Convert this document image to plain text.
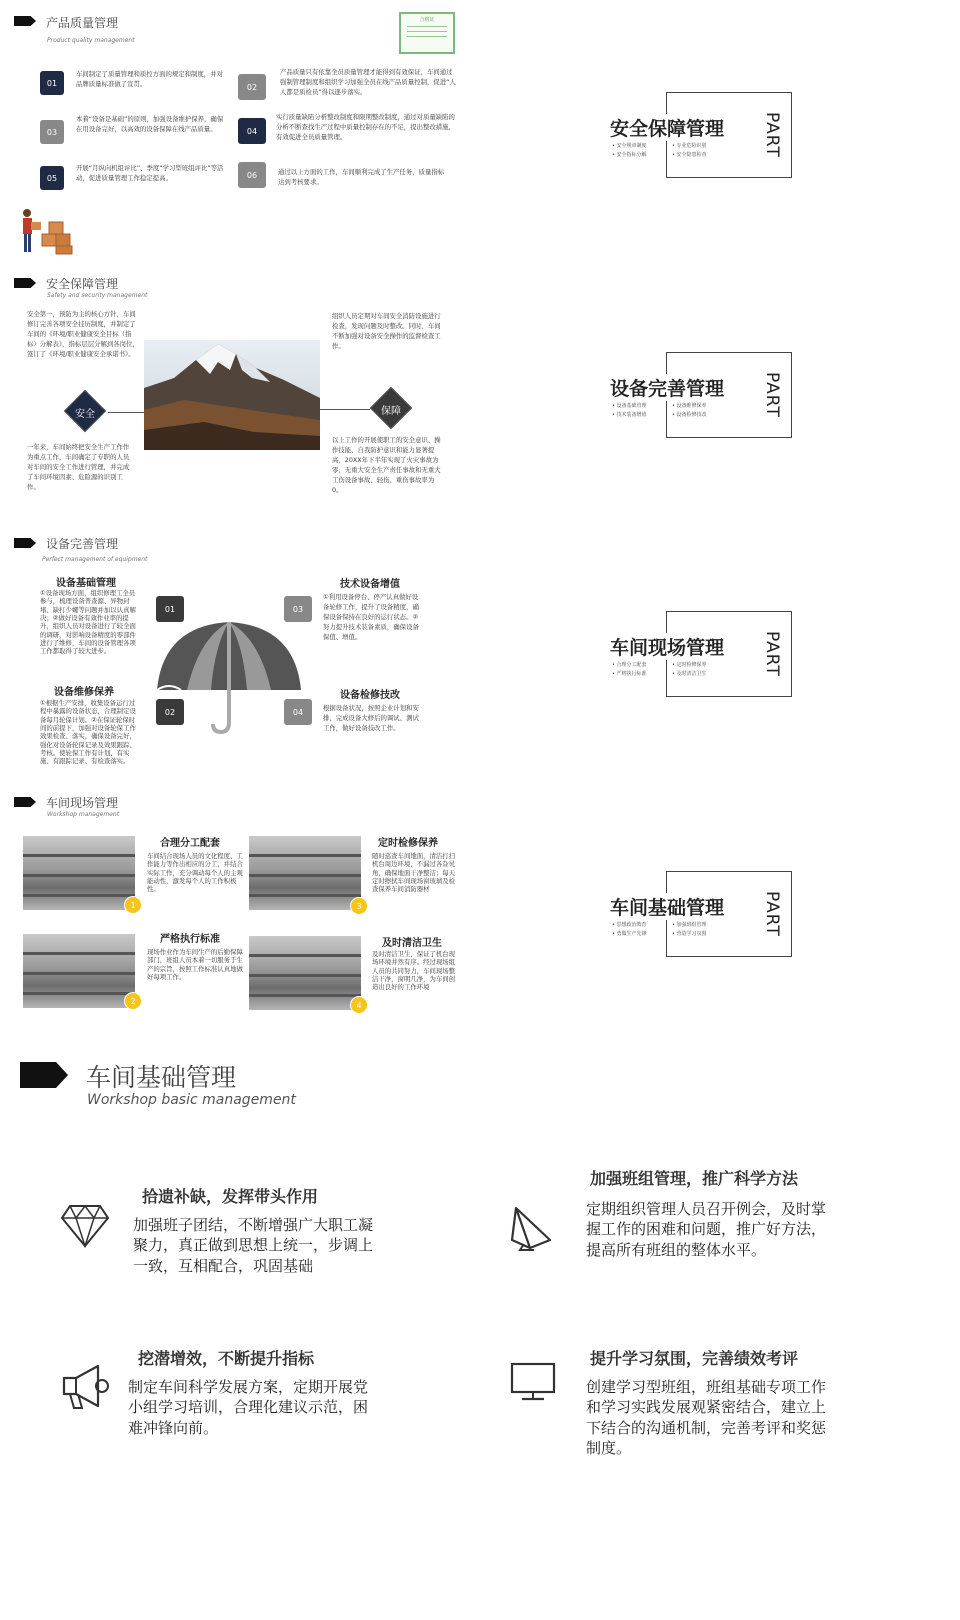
产品质量管理
Product quality management
合格证
01
车间制定了质量管理和质控方面的规定和制度，并对品牌质量标准做了宣贯。	02
产品质量只有依靠全员质量管理才能得到有效保证，车间通过强制管理制度和组织学习加强全员在线产品质量控制，促进“人人都是质检员”得以逐步落实。
03
本着“设备是基础”的原则，加强设备维护保养，确保在用设备完好，以高效的设备保障在线产品质量。	04
实行质量缺陷分析整改制度和限期整改制度，通过对质量缺陷的分析不断查找生产过程中质量控制存在的不足，提出整改措施，有效促进全员质量管理。
05
开展“月纵向机组评比”、季度“学习型班组评比”等活动，促进质量管理工作稳定提高。	06	通过以上方面的工作，车间顺利完成了生产任务，质量指标达到考核要求。
安全保障管理 PART
• 安全规章制度	• 专业危险识别
• 安全指标分解	• 安全隐患检查
设备完善管理 PART
• 设备基础管理	• 设备维修保养
• 技术装备增值	• 设备检修技改
车间现场管理 PART
• 合理分工配套	• 定时检修保养
• 严格执行标准	• 及时清洁卫生
车间基础管理 PART
• 思想政治教育	• 加强班组管理
• 勇做生产先锋	• 营造学习氛围
安全保障管理
Safety and security management
安全第一，预防为主的核心方针，车间修订完善各项安全挂历制度，并制定了车间的《环境/职业健康安全目标（指标）分解表》，指标层层分解到各岗位，签订了《环境/职业健康安全承诺书》。
一年来，车间始终把安全生产工作作为重点工作，车间确定了专职的人员对车间的安全工作进行管理，并完成了车间环境因素、危险源的识别工作。
组织人员定期对车间安全消防设施进行检查，发现问题及时整改。同时，车间不断加强对设备安全操作的监督检查工作。
以上工作的开展使职工的安全意识、操作技能、自我防护意识和能力显著提高，20XX年下半年实现了火灾事故为零，无重大安全生产责任事故和无重大工伤设备事故、轻伤、重伤事故率为0。
安全	保障
设备完善管理
Perfect management of equipment
设备基础管理
①设备现场方面，组织修理工全员参与，梳理设备普查源、异物封堵、缺打少螺等问题并加以认真解决；②做好设备有效作业率的提升，组织人员对设备进行了较全面的调研，对影响设备精度的零部件进行了维修，车间的设备管理各项工作都取得了较大进步。
设备维修保养
①根据生产安排，收集设备运行过程中暴露的设备状态，合理制定设备每月轮保计划。②在保证轮保时间的前提下，加强对设备轮保工作效果检查、落实，确保设备完好，强化对设备轮保记录及效果跟踪、考核。使轮保工作有计划、有实施、有跟踪记录、有检查落实。
技术设备增值
①利用设备停台、停产认真做好设备轮修工作，提升了设备精度，确保设备保持在良好的运行状态。②努力提升技术装备素质，确保设备保值、增值。
设备检修技改
根据设备状况，按照企业计划和安排，完成设备大修后的调试、测试工作，做好设备技改工作。
01
02
03
04
车间现场管理
Workshop management
1
合理分工配套
车间结合现场人员的文化程度、工作能力等作出相应的分工，并结合实际工作，充分调动每个人的主观能动性，激发每个人的工作积极性。
2
严格执行标准
现场作业作为车间生产的后勤保障部门，班组人员本着一切服务于生产的宗旨，按照工作标准认真地做好每项工作。
3
定时检修保养
随时巡查车间地面，清洁打扫机台周边环境，不漏过各旮旯角，确保地面干净整洁；每天定时擦拭车间现场窗玻璃及检查保养车间消防器材
4
及时清洁卫生
及时清洁卫生，保证了机台现场环境井然有序。经过现场组人员的共同努力，车间现场整洁干净，窗明几净，为车间创造出良好的工作环境
车间基础管理
Workshop basic management
拾遗补缺，发挥带头作用
加强班子团结，不断增强广大职工凝聚力，真正做到思想上统一，步调上一致，互相配合，巩固基础
加强班组管理，推广科学方法
定期组织管理人员召开例会，及时掌握工作的困难和问题，推广好方法，提高所有班组的整体水平。
挖潜增效，不断提升指标
制定车间科学发展方案，定期开展党小组学习培训，合理化建议示范，困难冲锋向前。
提升学习氛围，完善绩效考评
创建学习型班组，班组基础专项工作和学习实践发展观紧密结合，建立上下结合的沟通机制，完善考评和奖惩制度。
